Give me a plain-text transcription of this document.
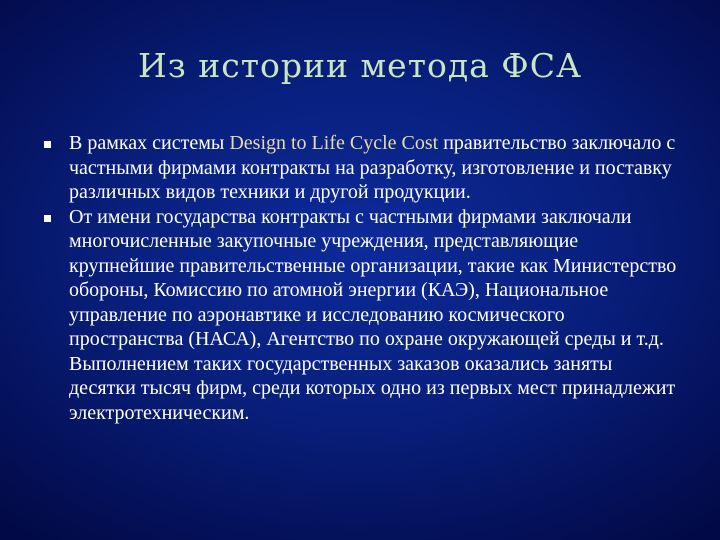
Из истории метода ФСА
В рамках системы Design to Life Cycle Cost правительство заключало с частными фирмами контракты на разработку, изготовление и поставку различных видов техники и другой продукции.
От имени государства контракты с частными фирмами заключали многочисленные закупочные учреждения, представляющие крупнейшие правительственные организации, такие как Министерство обороны, Комиссию по атомной энергии (КАЭ), Национальное управление по аэронавтике и исследованию космического пространства (НАСА), Агентство по охране окружающей среды и т.д. Выполнением таких государственных заказов оказались заняты десятки тысяч фирм, среди которых одно из первых мест принадлежит электротехническим.
